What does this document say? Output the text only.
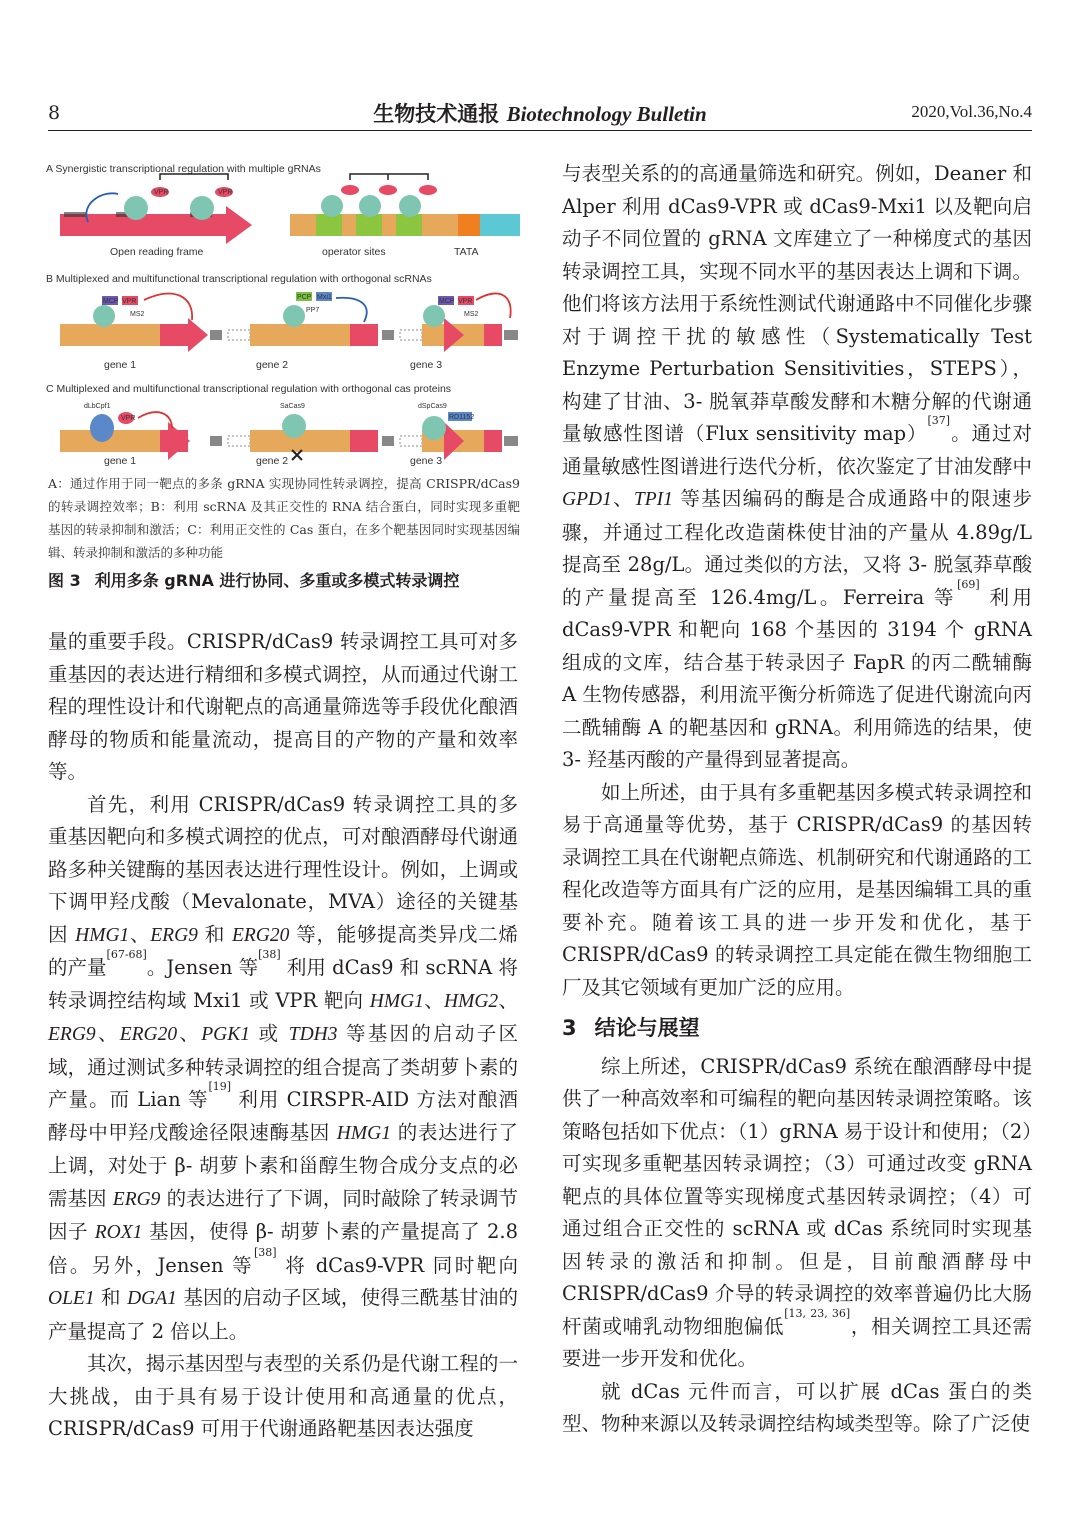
8	生物技术通报 Biotechnology Bulletin	2020,Vol.36,No.4
A Synergistic transcriptional regulation with multiple gRNAs
VPR	VPR
Open reading frame	operator sites	TATA
B Multiplexed and multifunctional transcriptional regulation with orthogonal scRNAs
MCP VPR
MS2
PCP Mxi1
PP7
MCP VPR
MS2
gene 1	gene 2	gene 3
C Multiplexed and multifunctional transcriptional regulation with orthogonal cas proteins
dLbCpf1
VPR
SaCas9	dSpCas9
RD1152
gene 1	gene 2	gene 3
A：通过作用于同一靶点的多条 gRNA 实现协同性转录调控，提高 CRISPR/dCas9 的转录调控效率；B：利用 scRNA 及其正交性的 RNA 结合蛋白，同时实现多重靶基因的转录抑制和激活；C：利用正交性的 Cas 蛋白，在多个靶基因同时实现基因编辑、转录抑制和激活的多种功能
图 3 利用多条 gRNA 进行协同、多重或多模式转录调控

量的重要手段。CRISPR/dCas9 转录调控工具可对多重基因的表达进行精细和多模式调控，从而通过代谢工程的理性设计和代谢靶点的高通量筛选等手段优化酿酒酵母的物质和能量流动，提高目的产物的产量和效率等。

首先，利用 CRISPR/dCas9 转录调控工具的多重基因靶向和多模式调控的优点，可对酿酒酵母代谢通路多种关键酶的基因表达进行理性设计。例如，上调或下调甲羟戊酸（Mevalonate，MVA）途径的关键基因 HMG1、ERG9 和 ERG20 等，能够提高类异戊二烯的产量[67-68]。Jensen 等[38] 利用 dCas9 和 scRNA 将转录调控结构域 Mxi1 或 VPR 靶向 HMG1、HMG2、ERG9、ERG20、PGK1 或 TDH3 等基因的启动子区域，通过测试多种转录调控的组合提高了类胡萝卜素的产量。而 Lian 等[19] 利用 CIRSPR-AID 方法对酿酒酵母中甲羟戊酸途径限速酶基因 HMG1 的表达进行了上调，对处于 β- 胡萝卜素和甾醇生物合成分支点的必需基因 ERG9 的表达进行了下调，同时敲除了转录调节因子 ROX1 基因，使得 β- 胡萝卜素的产量提高了 2.8 倍。另外，Jensen 等[38] 将 dCas9-VPR 同时靶向 OLE1 和 DGA1 基因的启动子区域，使得三酰基甘油的产量提高了 2 倍以上。

其次，揭示基因型与表型的关系仍是代谢工程的一大挑战，由于具有易于设计使用和高通量的优点，CRISPR/dCas9 可用于代谢通路靶基因表达强度

与表型关系的的高通量筛选和研究。例如，Deaner 和 Alper 利用 dCas9-VPR 或 dCas9-Mxi1 以及靶向启动子不同位置的 gRNA 文库建立了一种梯度式的基因转录调控工具，实现不同水平的基因表达上调和下调。他们将该方法用于系统性测试代谢通路中不同催化步骤对于调控干扰的敏感性（Systematically Test Enzyme Perturbation Sensitivities，STEPS），构建了甘油、3- 脱氧莽草酸发酵和木糖分解的代谢通量敏感性图谱（Flux sensitivity map）[37]。通过对通量敏感性图谱进行迭代分析，依次鉴定了甘油发酵中 GPD1、TPI1 等基因编码的酶是合成通路中的限速步骤，并通过工程化改造菌株使甘油的产量从 4.89g/L 提高至 28g/L。通过类似的方法，又将 3- 脱氢莽草酸的产量提高至 126.4mg/L。Ferreira 等[69] 利用 dCas9-VPR 和靶向 168 个基因的 3194 个 gRNA 组成的文库，结合基于转录因子 FapR 的丙二酰辅酶 A 生物传感器，利用流平衡分析筛选了促进代谢流向丙二酰辅酶 A 的靶基因和 gRNA。利用筛选的结果，使 3- 羟基丙酸的产量得到显著提高。

如上所述，由于具有多重靶基因多模式转录调控和易于高通量等优势，基于 CRISPR/dCas9 的基因转录调控工具在代谢靶点筛选、机制研究和代谢通路的工程化改造等方面具有广泛的应用，是基因编辑工具的重要补充。随着该工具的进一步开发和优化，基于 CRISPR/dCas9 的转录调控工具定能在微生物细胞工厂及其它领域有更加广泛的应用。

3 结论与展望

综上所述，CRISPR/dCas9 系统在酿酒酵母中提供了一种高效率和可编程的靶向基因转录调控策略。该策略包括如下优点：（1）gRNA 易于设计和使用；（2）可实现多重靶基因转录调控；（3）可通过改变 gRNA 靶点的具体位置等实现梯度式基因转录调控；（4）可通过组合正交性的 scRNA 或 dCas 系统同时实现基因转录的激活和抑制。但是，目前酿酒酵母中 CRISPR/dCas9 介导的转录调控的效率普遍仍比大肠杆菌或哺乳动物细胞偏低[13, 23, 36]，相关调控工具还需要进一步开发和优化。

就 dCas 元件而言，可以扩展 dCas 蛋白的类型、物种来源以及转录调控结构域类型等。除了广泛使
